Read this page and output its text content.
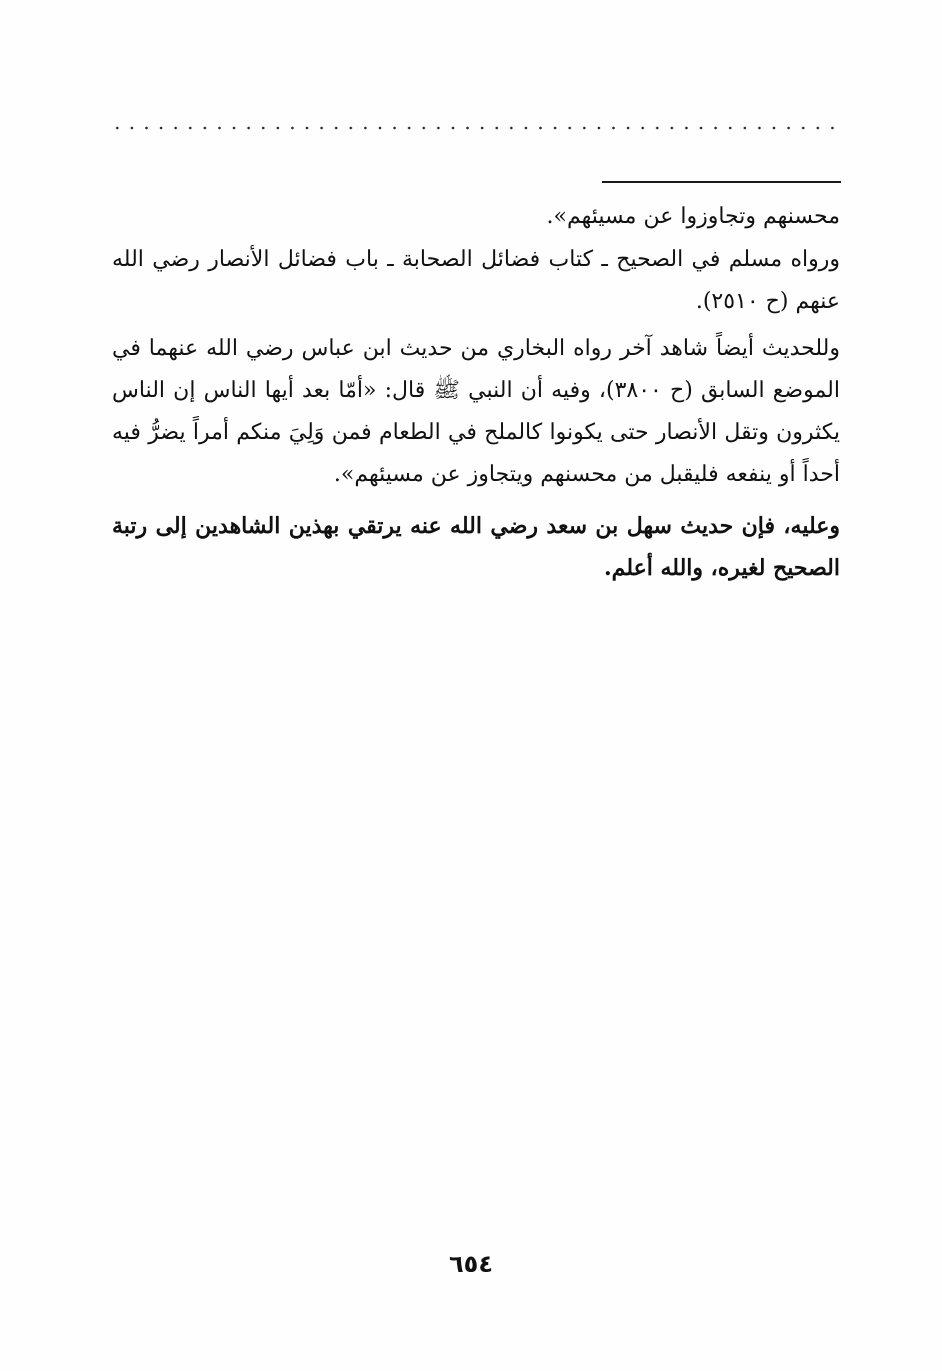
محسنهم وتجاوزوا عن مسيئهم».
ورواه مسلم في الصحيح ـ كتاب فضائل الصحابة ـ باب فضائل الأنصار رضي الله عنهم (ح ٢٥١٠).
وللحديث أيضاً شاهد آخر رواه البخاري من حديث ابن عباس رضي الله عنهما في الموضع السابق (ح ٣٨٠٠)، وفيه أن النبي ﷺ قال: «أمّا بعد أيها الناس إن الناس يكثرون وتقل الأنصار حتى يكونوا كالملح في الطعام فمن وَلِيَ منكم أمراً يضرُّ فيه أحداً أو ينفعه فليقبل من محسنهم ويتجاوز عن مسيئهم».
وعليه، فإن حديث سهل بن سعد رضي الله عنه يرتقي بهذين الشاهدين إلى رتبة الصحيح لغيره، والله أعلم.
٦٥٤
